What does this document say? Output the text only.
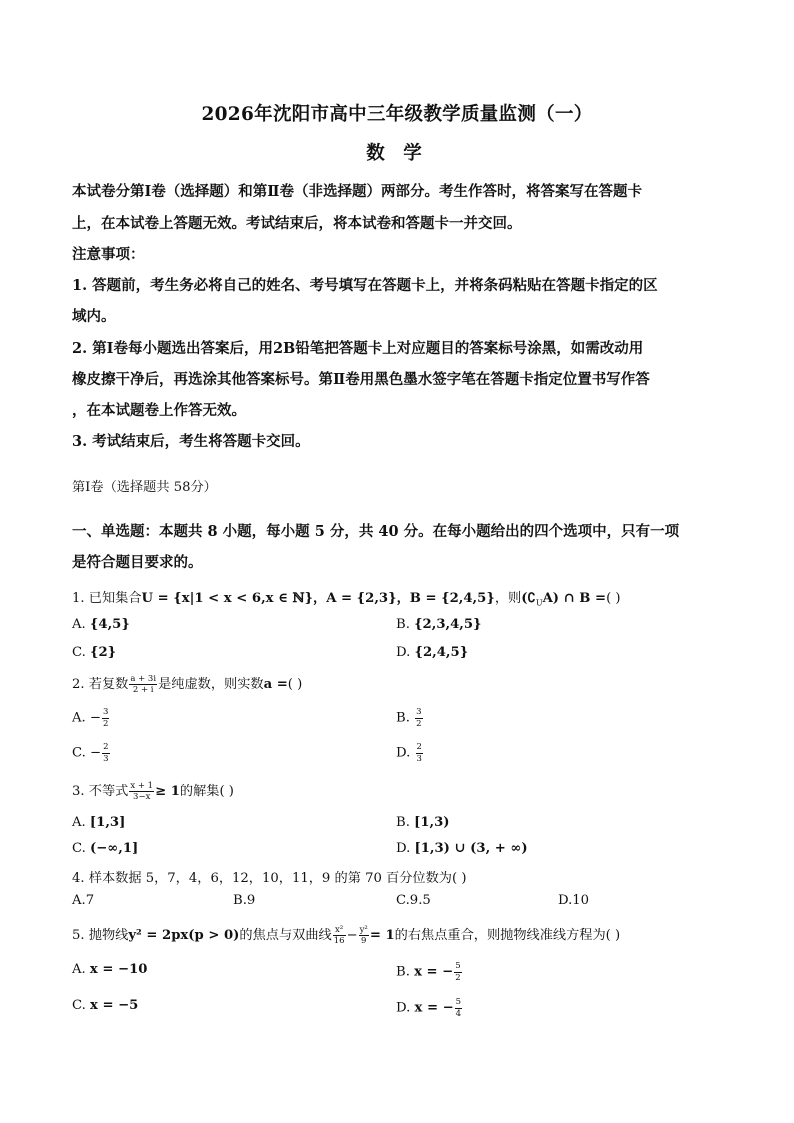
2026年沈阳市高中三年级教学质量监测（一）
数 学
本试卷分第Ⅰ卷（选择题）和第Ⅱ卷（非选择题）两部分。考生作答时，将答案写在答题卡
上，在本试卷上答题无效。考试结束后，将本试卷和答题卡一并交回。
注意事项：
1. 答题前，考生务必将自己的姓名、考号填写在答题卡上，并将条码粘贴在答题卡指定的区
域内。
2. 第Ⅰ卷每小题选出答案后，用2B铅笔把答题卡上对应题目的答案标号涂黑，如需改动用
橡皮擦干净后，再选涂其他答案标号。第Ⅱ卷用黑色墨水签字笔在答题卡指定位置书写作答
，在本试题卷上作答无效。
3. 考试结束后，考生将答题卡交回。
第Ⅰ卷（选择题共 58分）
一、单选题：本题共 8 小题，每小题 5 分，共 40 分。在每小题给出的四个选项中，只有一项
是符合题目要求的。
1. 已知集合U = {x|1 < x < 6,x ∈ ℕ}，A = {2,3}，B = {2,4,5}，则$(∁_UA)$ ∩ B =( )
A. {4,5}	B. {2,3,4,5}
C. {2}	D. {2,4,5}
2. 若复数 $\frac{a + 3i}{2 + i}$ 是纯虚数，则实数a =( )
A. − $\frac{3}{2}$	B. $\frac{3}{2}$
C. − $\frac{2}{3}$	D. $\frac{2}{3}$
3. 不等式 $\frac{x + 1}{3-x} \ge 1$的解集( )
A. [1,3]	B. [1,3)
C. (−∞,1]	D. [1,3) ∪ (3, + ∞)
4. 样本数据 5，7，4，6，12，10，11，9 的第 70 百分位数为( )
A.7	B.9	C.9.5	D.10
5. 抛物线y² = 2px(p > 0)的焦点与双曲线 $\frac{\text{x²}}{16} - \frac{\text{y²}}{9} = 1$的右焦点重合，则抛物线准线方程为( )
A. x = −10	B. x = − $\frac{5}{2}$
C. x = −5	D. x = − $\frac{5}{4}$
